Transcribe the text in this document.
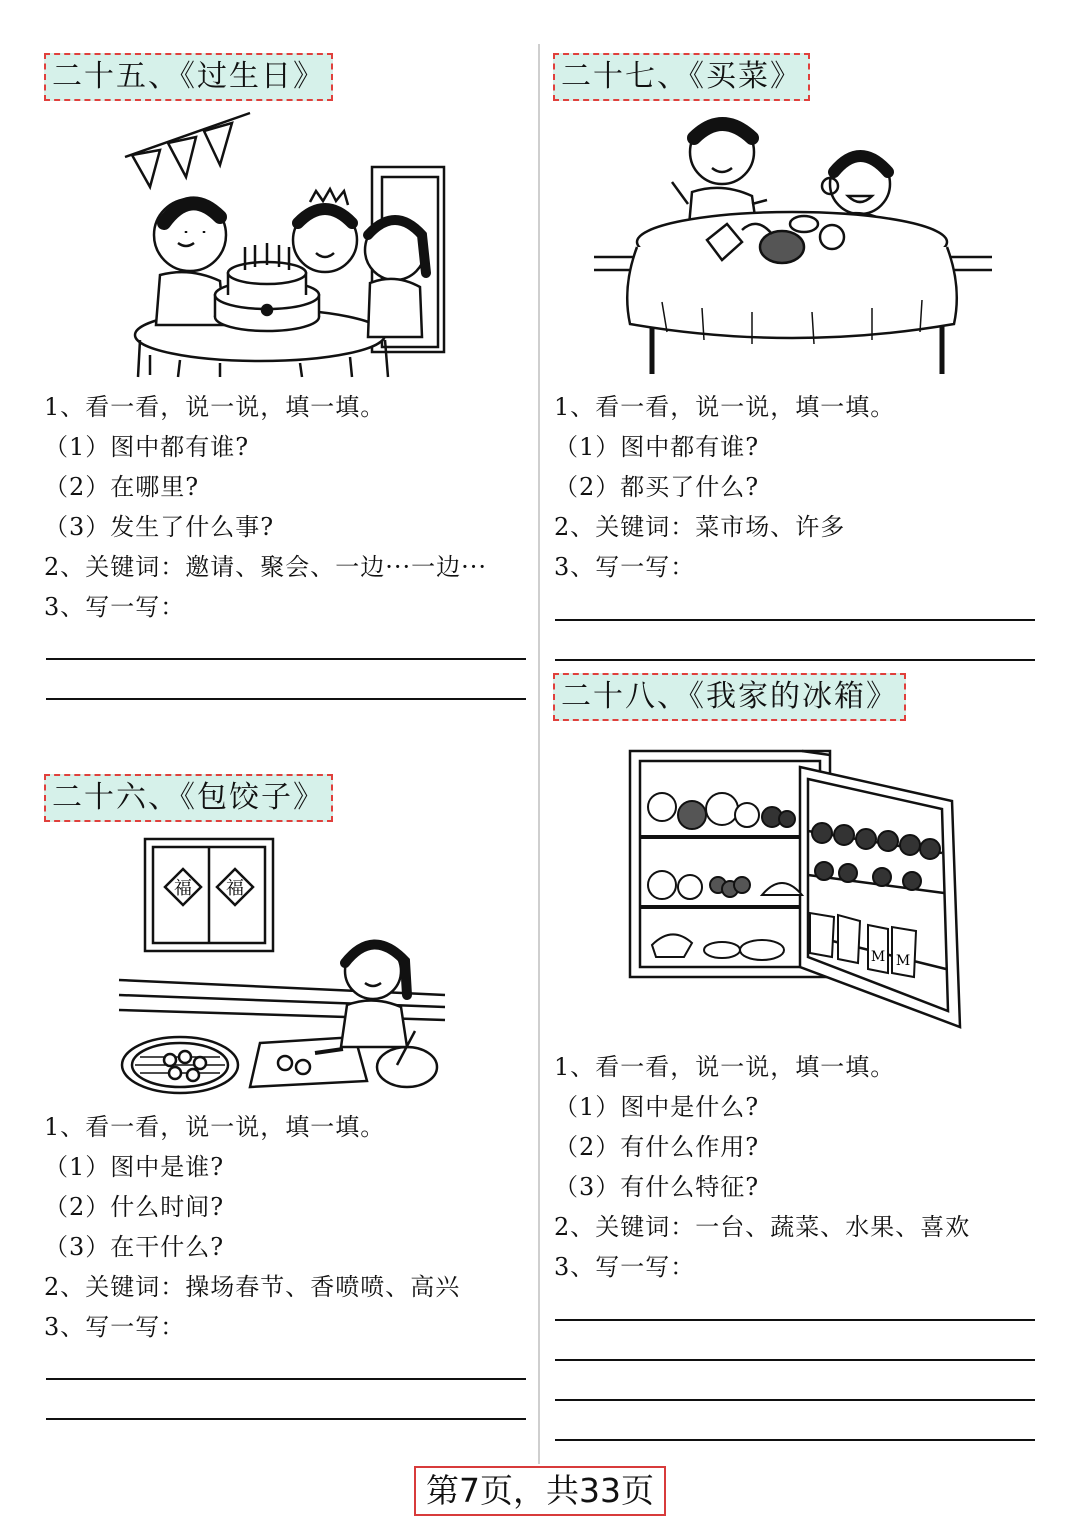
二十五、《过生日》
1、看一看，说一说，填一填。
（1）图中都有谁?
（2）在哪里?
（3）发生了什么事?
2、关键词：邀请、聚会、一边···一边···
3、写一写：
二十六、《包饺子》
福 福
1、看一看，说一说，填一填。
（1）图中是谁?
（2）什么时间?
（3）在干什么?
2、关键词：操场春节、香喷喷、高兴
3、写一写：
二十七、《买菜》
1、看一看，说一说，填一填。
（1）图中都有谁?
（2）都买了什么?
2、关键词：菜市场、许多
3、写一写：
二十八、《我家的冰箱》
M M
1、看一看，说一说，填一填。
（1）图中是什么?
（2）有什么作用?
（3）有什么特征?
2、关键词：一台、蔬菜、水果、喜欢
3、写一写：
第7页，共33页
